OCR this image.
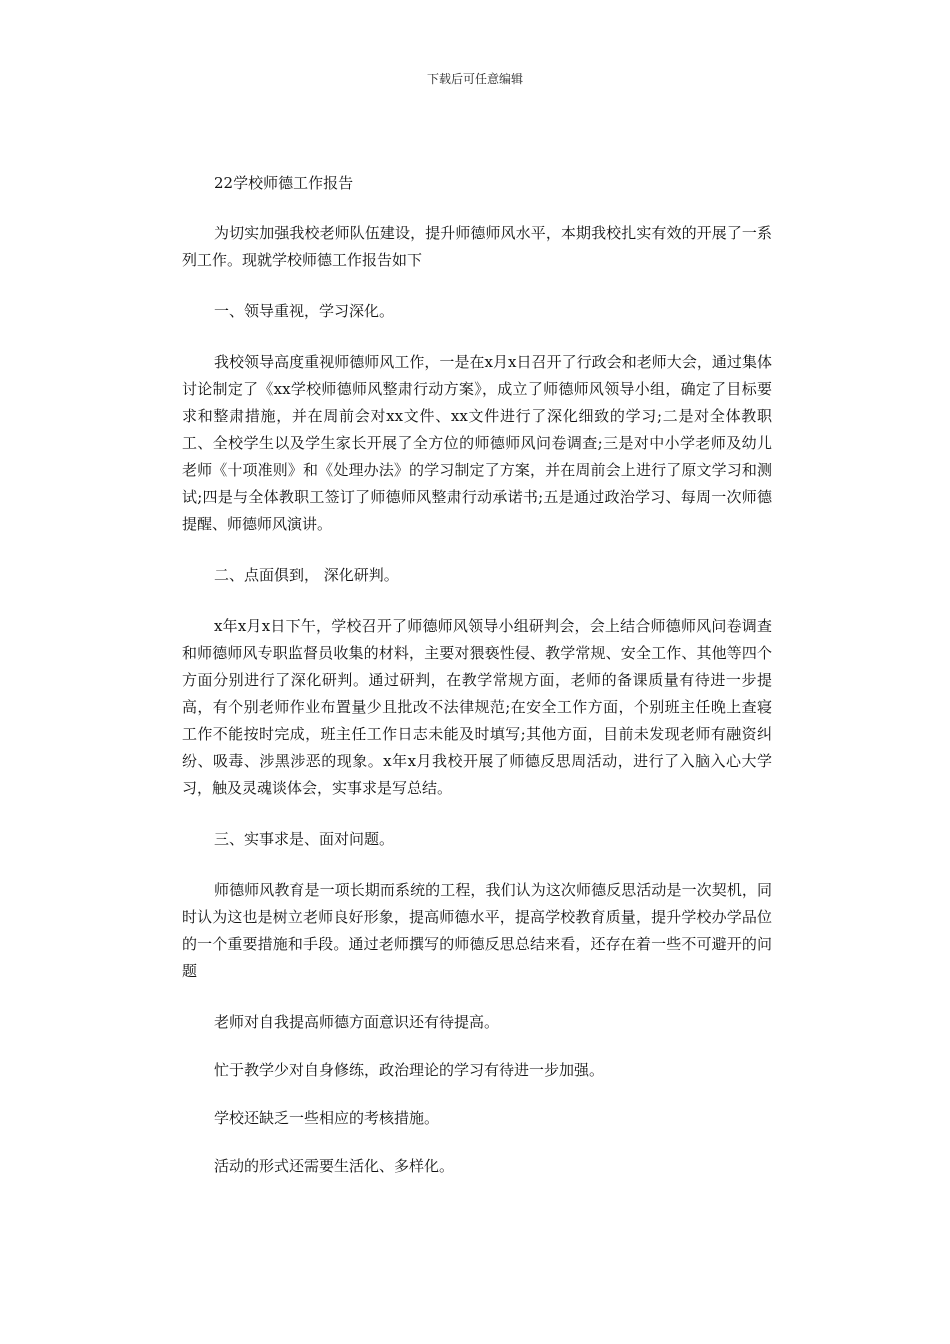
下载后可任意编辑

22学校师德工作报告

为切实加强我校老师队伍建设，提升师德师风水平，本期我校扎实有效的开展了一系列工作。现就学校师德工作报告如下

一、领导重视，学习深化。

我校领导高度重视师德师风工作，一是在x月x日召开了行政会和老师大会，通过集体讨论制定了《xx学校师德师风整肃行动方案》，成立了师德师风领导小组，确定了目标要求和整肃措施，并在周前会对xx文件、xx文件进行了深化细致的学习;二是对全体教职工、全校学生以及学生家长开展了全方位的师德师风问卷调查;三是对中小学老师及幼儿老师《十项准则》和《处理办法》的学习制定了方案，并在周前会上进行了原文学习和测试;四是与全体教职工签订了师德师风整肃行动承诺书;五是通过政治学习、每周一次师德提醒、师德师风演讲。

二、点面俱到， 深化研判。

x年x月x日下午，学校召开了师德师风领导小组研判会，会上结合师德师风问卷调查和师德师风专职监督员收集的材料，主要对猥亵性侵、教学常规、安全工作、其他等四个方面分别进行了深化研判。通过研判，在教学常规方面，老师的备课质量有待进一步提高，有个别老师作业布置量少且批改不法律规范;在安全工作方面，个别班主任晚上查寝工作不能按时完成，班主任工作日志未能及时填写;其他方面，目前未发现老师有融资纠纷、吸毒、涉黑涉恶的现象。x年x月我校开展了师德反思周活动，进行了入脑入心大学习，触及灵魂谈体会，实事求是写总结。

三、实事求是、面对问题。

师德师风教育是一项长期而系统的工程，我们认为这次师德反思活动是一次契机，同时认为这也是树立老师良好形象，提高师德水平，提高学校教育质量，提升学校办学品位的一个重要措施和手段。通过老师撰写的师德反思总结来看，还存在着一些不可避开的问题

老师对自我提高师德方面意识还有待提高。

忙于教学少对自身修练，政治理论的学习有待进一步加强。

学校还缺乏一些相应的考核措施。

活动的形式还需要生活化、多样化。
